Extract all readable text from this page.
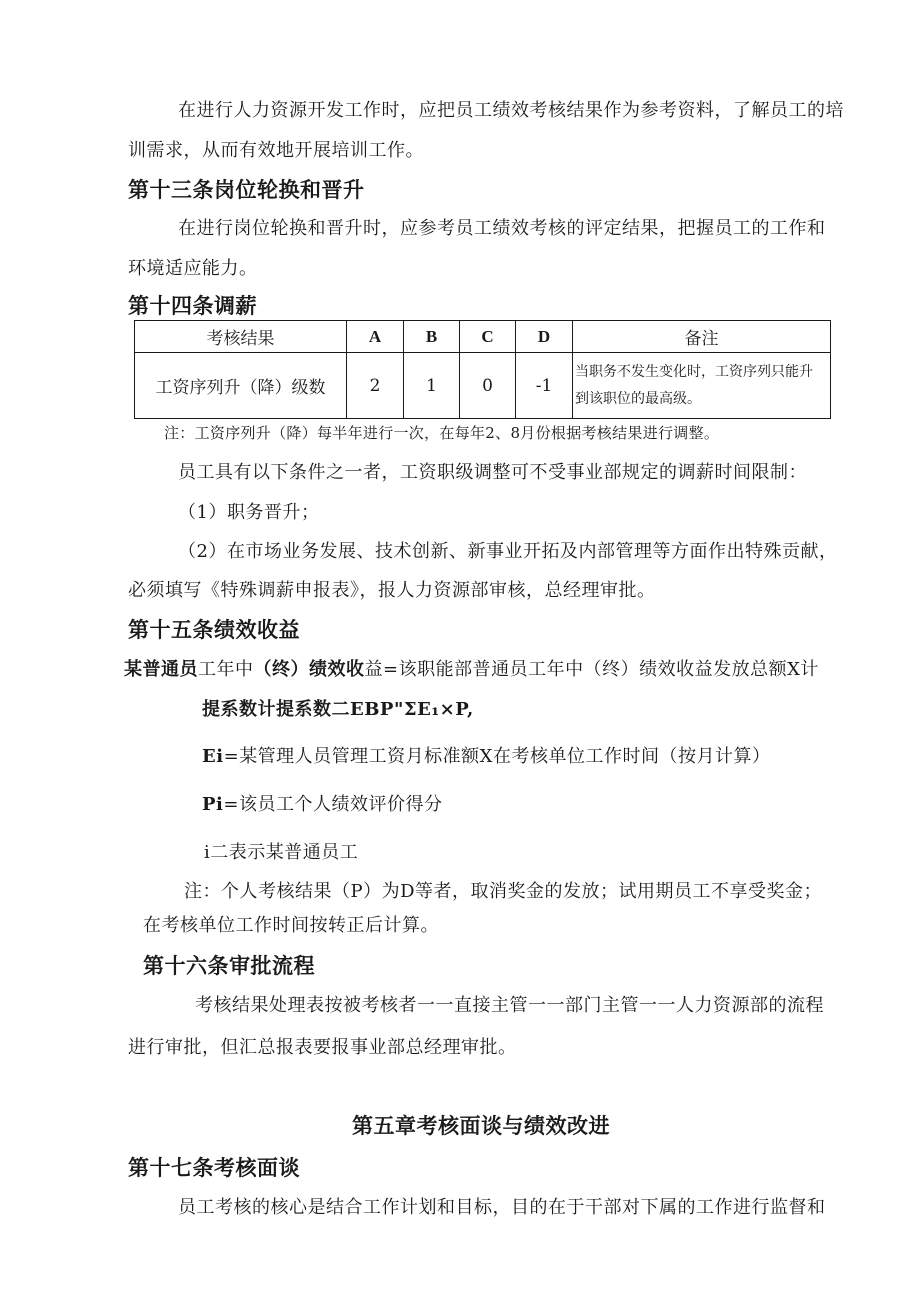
在进行人力资源开发工作时，应把员工绩效考核结果作为参考资料，了解员工的培
训需求，从而有效地开展培训工作。
第十三条岗位轮换和晋升
在进行岗位轮换和晋升时，应参考员工绩效考核的评定结果，把握员工的工作和
环境适应能力。
第十四条调薪
考核结果	A	B	C	D	备注
工资序列升（降）级数	2	1	0	-1	当职务不发生变化时，工资序列只能升
到该职位的最高级。
注：工资序列升（降）每半年进行一次，在每年2、8月份根据考核结果进行调整。
员工具有以下条件之一者，工资职级调整可不受事业部规定的调薪时间限制：
（1）职务晋升；
（2）在市场业务发展、技术创新、新事业开拓及内部管理等方面作出特殊贡献，
必须填写《特殊调薪申报表》，报人力资源部审核，总经理审批。
第十五条绩效收益
某普通员工年中（终）绩效收益=该职能部普通员工年中（终）绩效收益发放总额X计
提系数计提系数二EBP"ΣE₁×P,
Ei=某管理人员管理工资月标准额X在考核单位工作时间（按月计算）
Pi=该员工个人绩效评价得分
i二表示某普通员工
注：个人考核结果（P）为D等者，取消奖金的发放；试用期员工不享受奖金；
在考核单位工作时间按转正后计算。
第十六条审批流程
考核结果处理表按被考核者一一直接主管一一部门主管一一人力资源部的流程
进行审批，但汇总报表要报事业部总经理审批。
第五章考核面谈与绩效改进
第十七条考核面谈
员工考核的核心是结合工作计划和目标，目的在于干部对下属的工作进行监督和
